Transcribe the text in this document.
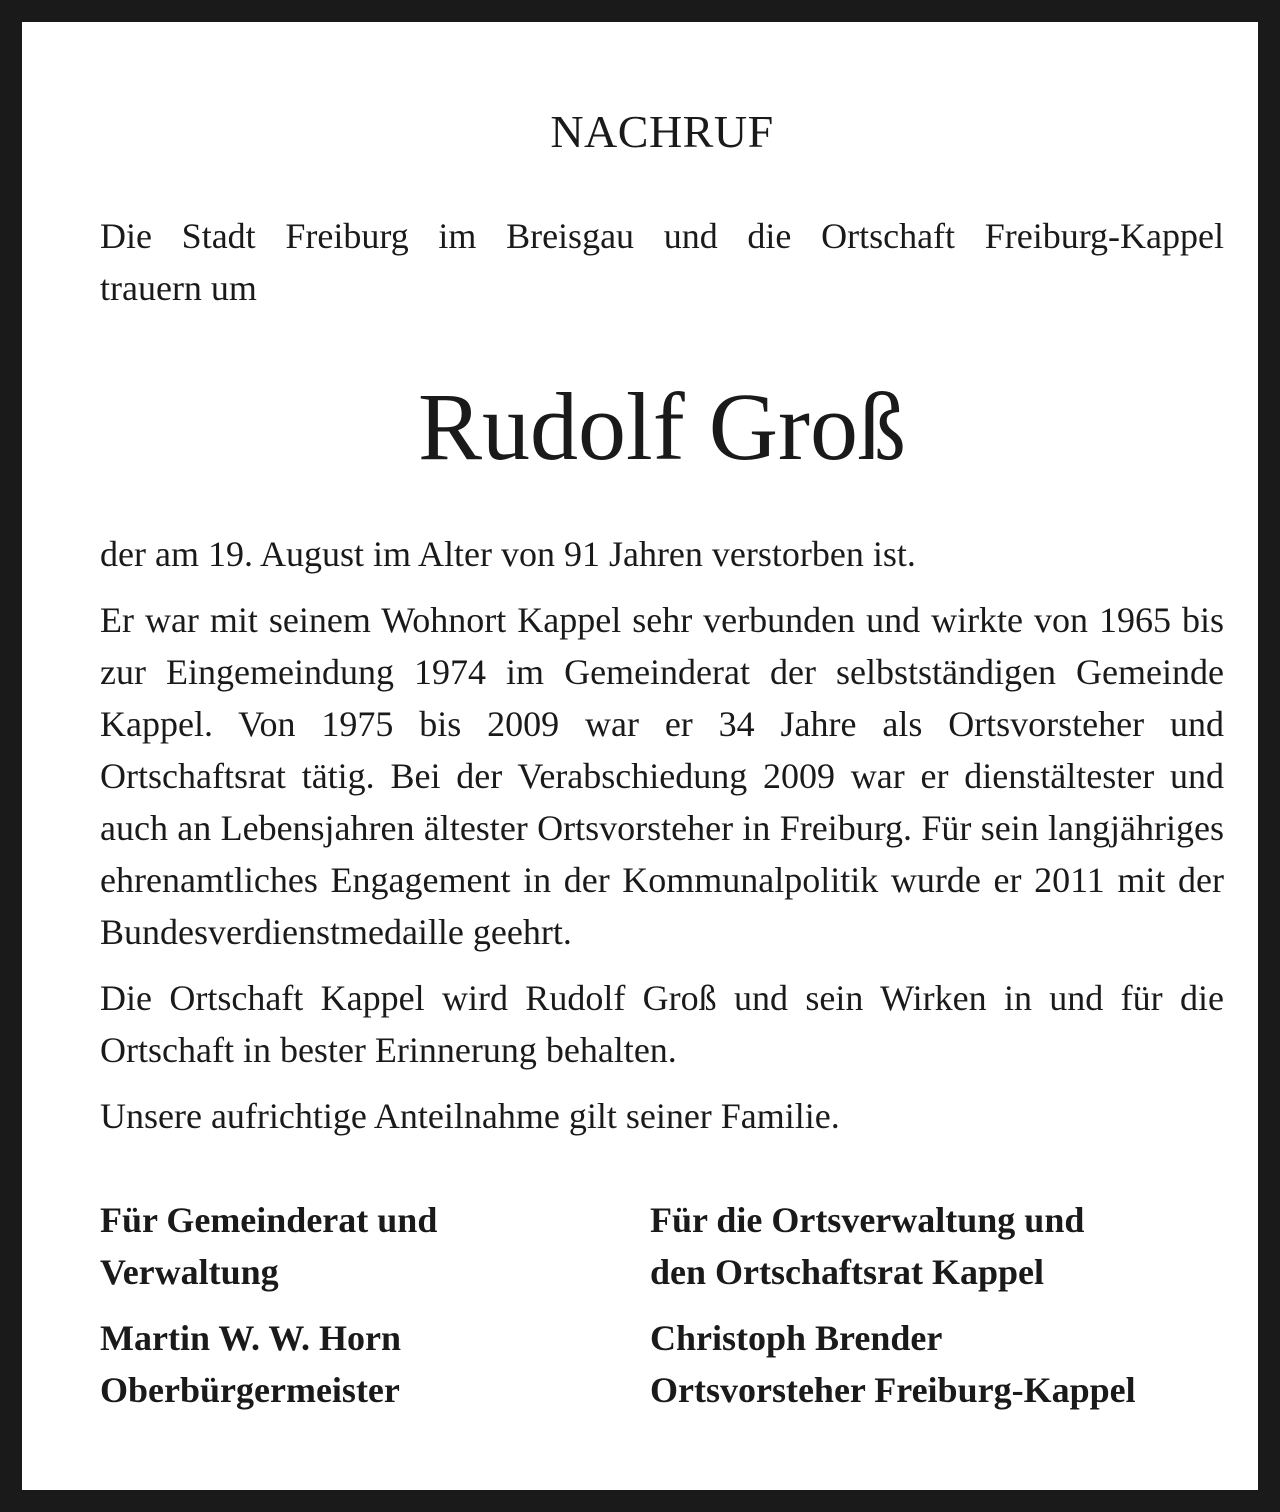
NACHRUF

Die Stadt Freiburg im Breisgau und die Ortschaft Freiburg-Kappel
trauern um

Rudolf Groß

der am 19. August im Alter von 91 Jahren verstorben ist.

Er war mit seinem Wohnort Kappel sehr verbunden und wirkte von 1965 bis zur Eingemeindung 1974 im Gemeinderat der selbstständigen Gemeinde Kappel. Von 1975 bis 2009 war er 34 Jahre als Ortsvorsteher und Ortschaftsrat tätig. Bei der Verabschiedung 2009 war er dienstältester und auch an Lebensjahren ältester Ortsvorsteher in Freiburg. Für sein langjähriges ehrenamtliches Engagement in der Kommunalpolitik wurde er 2011 mit der Bundesverdienstmedaille geehrt.

Die Ortschaft Kappel wird Rudolf Groß und sein Wirken in und für die Ortschaft in bester Erinnerung behalten.

Unsere aufrichtige Anteilnahme gilt seiner Familie.

Für Gemeinderat und
Verwaltung

Martin W. W. Horn
Oberbürgermeister

Für die Ortsverwaltung und
den Ortschaftsrat Kappel

Christoph Brender
Ortsvorsteher Freiburg-Kappel
